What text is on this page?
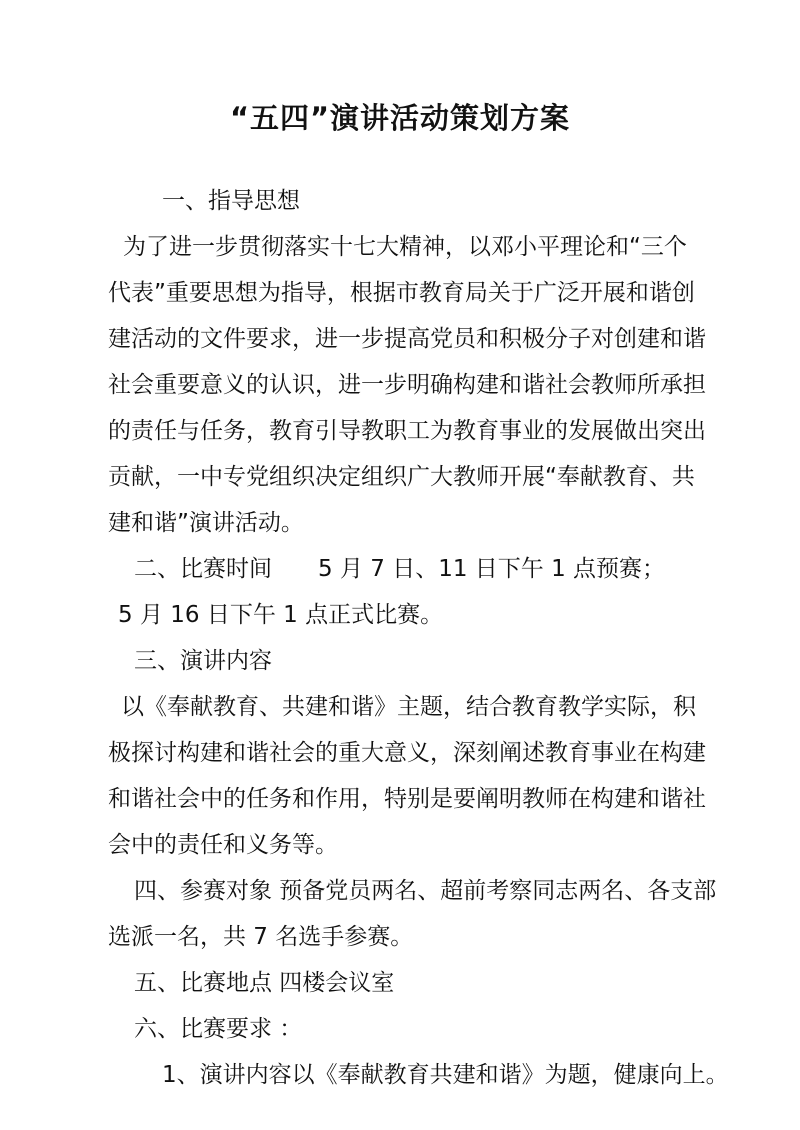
“五四”演讲活动策划方案
一、指导思想
为了进一步贯彻落实十七大精神，以邓小平理论和“三个
代表”重要思想为指导，根据市教育局关于广泛开展和谐创
建活动的文件要求，进一步提高党员和积极分子对创建和谐
社会重要意义的认识，进一步明确构建和谐社会教师所承担
的责任与任务，教育引导教职工为教育事业的发展做出突出
贡献，一中专党组织决定组织广大教师开展“奉献教育、共
建和谐”演讲活动。
二、比赛时间　　5 月 7 日、11 日下午 1 点预赛；
5 月 16 日下午 1 点正式比赛。
三、演讲内容
以《奉献教育、共建和谐》主题，结合教育教学实际，积
极探讨构建和谐社会的重大意义，深刻阐述教育事业在构建
和谐社会中的任务和作用，特别是要阐明教师在构建和谐社
会中的责任和义务等。
四、参赛对象 预备党员两名、超前考察同志两名、各支部
选派一名，共 7 名选手参赛。
五、比赛地点 四楼会议室
六、比赛要求 ：
1、演讲内容以《奉献教育共建和谐》为题，健康向上。
